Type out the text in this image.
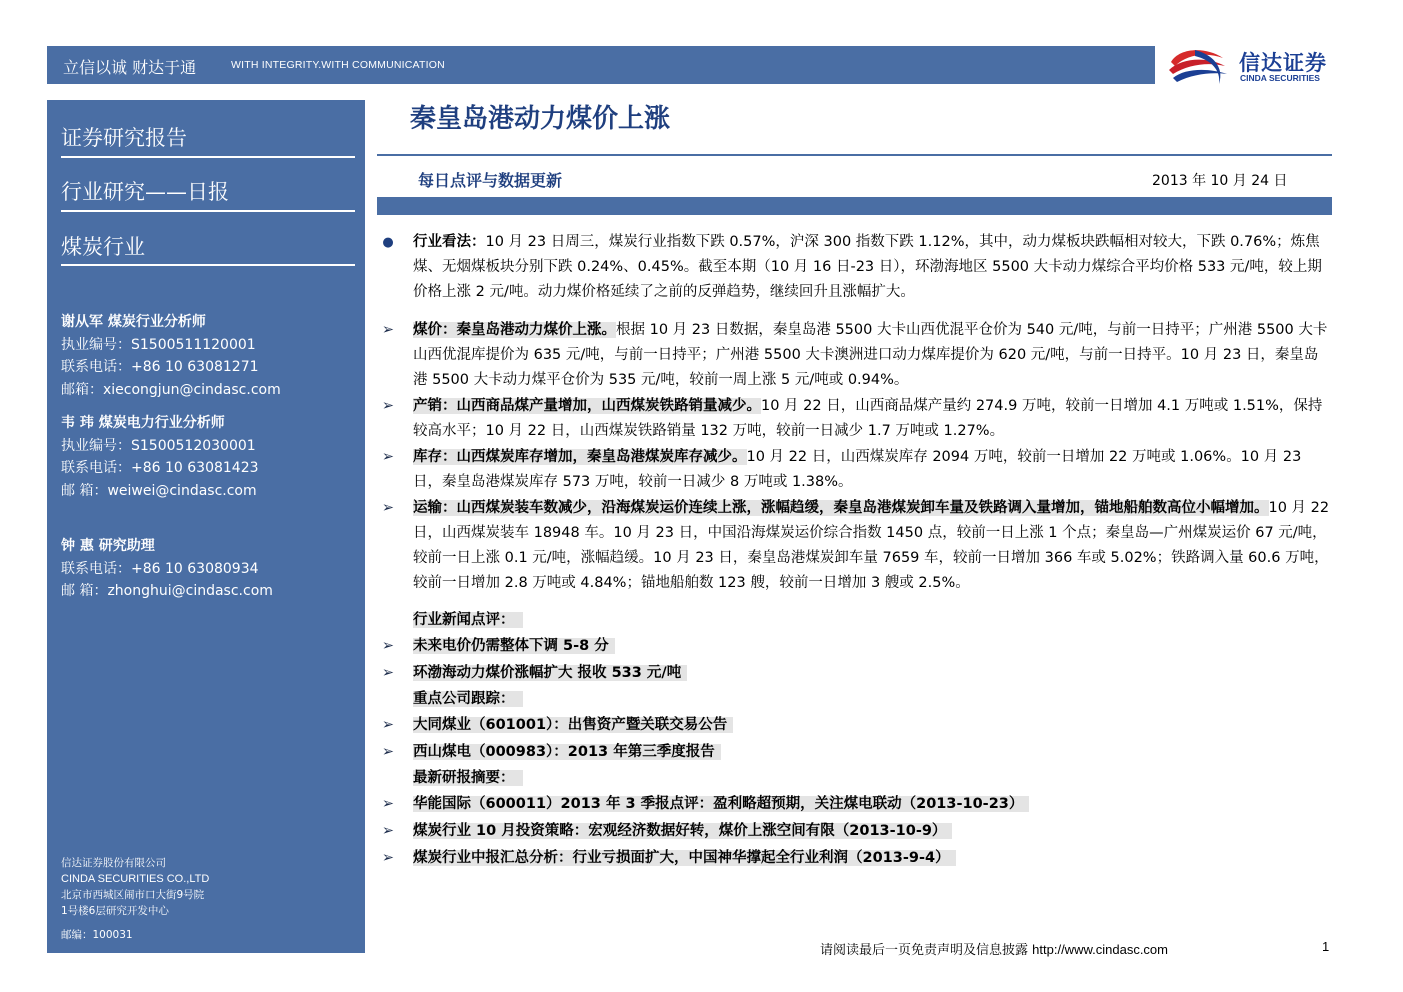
立信以诚 财达于通	WITH INTEGRITY.WITH COMMUNICATION	信达证券
CINDA SECURITIES
证券研究报告
行业研究——日报
煤炭行业
谢从军 煤炭行业分析师
执业编号：S1500511120001
联系电话：+86 10 63081271
邮箱：xiecongjun@cindasc.com
韦 玮 煤炭电力行业分析师
执业编号：S1500512030001
联系电话：+86 10 63081423
邮 箱：weiwei@cindasc.com
钟 惠 研究助理
联系电话：+86 10 63080934
邮 箱：zhonghui@cindasc.com
信达证券股份有限公司
CINDA SECURITIES CO.,LTD
北京市西城区闹市口大街9号院
1号楼6层研究开发中心
邮编：100031
秦皇岛港动力煤价上涨
每日点评与数据更新	2013 年 10 月 24 日
● 行业看法：10 月 23 日周三，煤炭行业指数下跌 0.57%，沪深 300 指数下跌 1.12%，其中，动力煤板块跌幅相对较大，下跌 0.76%；炼焦煤、无烟煤板块分别下跌 0.24%、0.45%。截至本期（10 月 16 日-23 日），环渤海地区 5500 大卡动力煤综合平均价格 533 元/吨，较上期价格上涨 2 元/吨。动力煤价格延续了之前的反弹趋势，继续回升且涨幅扩大。
➢ 煤价：秦皇岛港动力煤价上涨。根据 10 月 23 日数据，秦皇岛港 5500 大卡山西优混平仓价为 540 元/吨，与前一日持平；广州港 5500 大卡山西优混库提价为 635 元/吨，与前一日持平；广州港 5500 大卡澳洲进口动力煤库提价为 620 元/吨，与前一日持平。10 月 23 日，秦皇岛港 5500 大卡动力煤平仓价为 535 元/吨，较前一周上涨 5 元/吨或 0.94%。
➢ 产销：山西商品煤产量增加，山西煤炭铁路销量减少。10 月 22 日，山西商品煤产量约 274.9 万吨，较前一日增加 4.1 万吨或 1.51%，保持较高水平；10 月 22 日，山西煤炭铁路销量 132 万吨，较前一日减少 1.7 万吨或 1.27%。
➢ 库存：山西煤炭库存增加，秦皇岛港煤炭库存减少。10 月 22 日，山西煤炭库存 2094 万吨，较前一日增加 22 万吨或 1.06%。10 月 23 日，秦皇岛港煤炭库存 573 万吨，较前一日减少 8 万吨或 1.38%。
➢ 运输：山西煤炭装车数减少，沿海煤炭运价连续上涨，涨幅趋缓，秦皇岛港煤炭卸车量及铁路调入量增加，锚地船舶数高位小幅增加。10 月 22 日，山西煤炭装车 18948 车。10 月 23 日，中国沿海煤炭运价综合指数 1450 点，较前一日上涨 1 个点；秦皇岛—广州煤炭运价 67 元/吨，较前一日上涨 0.1 元/吨，涨幅趋缓。10 月 23 日，秦皇岛港煤炭卸车量 7659 车，较前一日增加 366 车或 5.02%；铁路调入量 60.6 万吨，较前一日增加 2.8 万吨或 4.84%；锚地船舶数 123 艘，较前一日增加 3 艘或 2.5%。
行业新闻点评：
➢ 未来电价仍需整体下调 5-8 分
➢ 环渤海动力煤价涨幅扩大 报收 533 元/吨
重点公司跟踪：
➢ 大同煤业（601001）：出售资产暨关联交易公告
➢ 西山煤电（000983）：2013 年第三季度报告
最新研报摘要：
➢ 华能国际（600011）2013 年 3 季报点评：盈利略超预期，关注煤电联动（2013-10-23）
➢ 煤炭行业 10 月投资策略：宏观经济数据好转，煤价上涨空间有限（2013-10-9）
➢ 煤炭行业中报汇总分析：行业亏损面扩大，中国神华撑起全行业利润（2013-9-4）
请阅读最后一页免责声明及信息披露 http://www.cindasc.com	1
